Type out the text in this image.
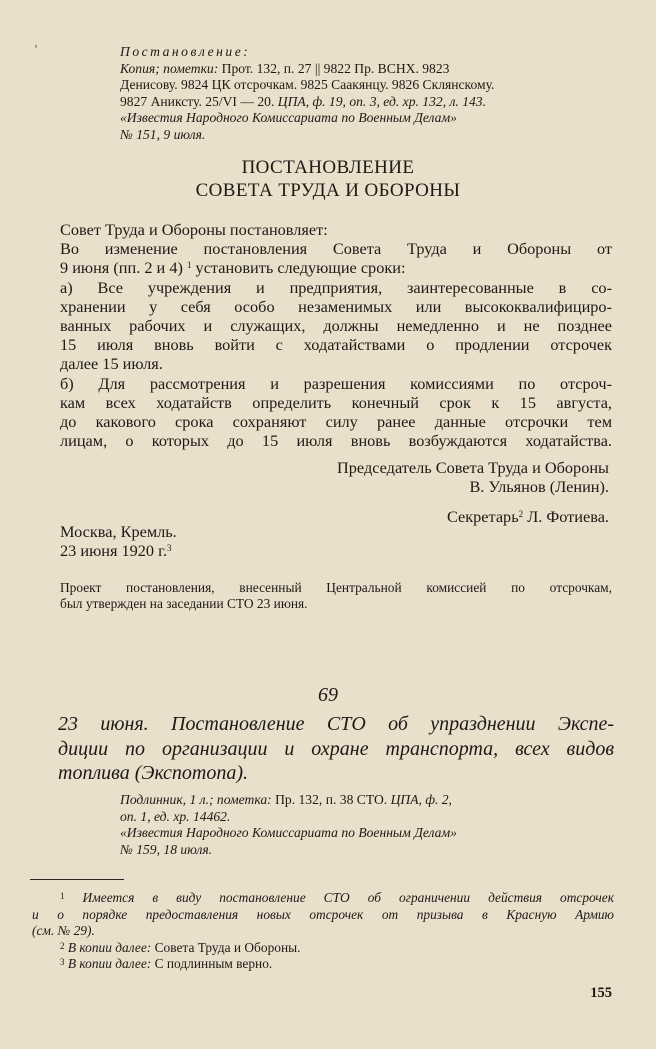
ʼ	Постановление:
Копия; пометки: Прот. 132, п. 27 || 9822 Пр. ВСНХ. 9823
Денисову. 9824 ЦК отсрочкам. 9825 Саакянцу. 9826 Склянскому.
9827 Аниксту. 25/VI — 20. ЦПА, ф. 19, оп. 3, ед. хр. 132, л. 143.
«Известия Народного Комиссариата по Военным Делам»
№ 151, 9 июля.
ПОСТАНОВЛЕНИЕ
СОВЕТА ТРУДА И ОБОРОНЫ
Совет Труда и Обороны постановляет:
Во изменение постановления Совета Труда и Обороны от
9 июня (пп. 2 и 4) $^1$ установить следующие сроки:
а) Все учреждения и предприятия, заинтересованные в со-
хранении у себя особо незаменимых или высококвалифициро-
ванных рабочих и служащих, должны немедленно и не позднее
15 июля вновь войти с ходатайствами о продлении отсрочек
далее 15 июля.
б) Для рассмотрения и разрешения комиссиями по отсроч-
кам всех ходатайств определить конечный срок к 15 августа,
до какового срока сохраняют силу ранее данные отсрочки тем
лицам, о которых до 15 июля вновь возбуждаются ходатайства.
Председатель Совета Труда и Обороны
В. Ульянов (Ленин).
Секретарь$^2$ Л. Фотиева.
Москва, Кремль.
23 июня 1920 г.$^3$
Проект постановления, внесенный Центральной комиссией по отсрочкам,
был утвержден на заседании СТО 23 июня.
69
23 июня. Постановление СТО об упразднении Экспе-
диции по организации и охране транспорта, всех видов
топлива (Экспотопа).
Подлинник, 1 л.; пометка: Пр. 132, п. 38 СТО. ЦПА, ф. 2,
оп. 1, ед. хр. 14462.
«Известия Народного Комиссариата по Военным Делам»
№ 159, 18 июля.
$^1$ Имеется в виду постановление СТО об ограничении действия отсрочек
и о порядке предоставления новых отсрочек от призыва в Красную Армию
(см. № 29).
$^2$ В копии далее: Совета Труда и Обороны.
$^3$ В копии далее: С подлинным верно.
155
